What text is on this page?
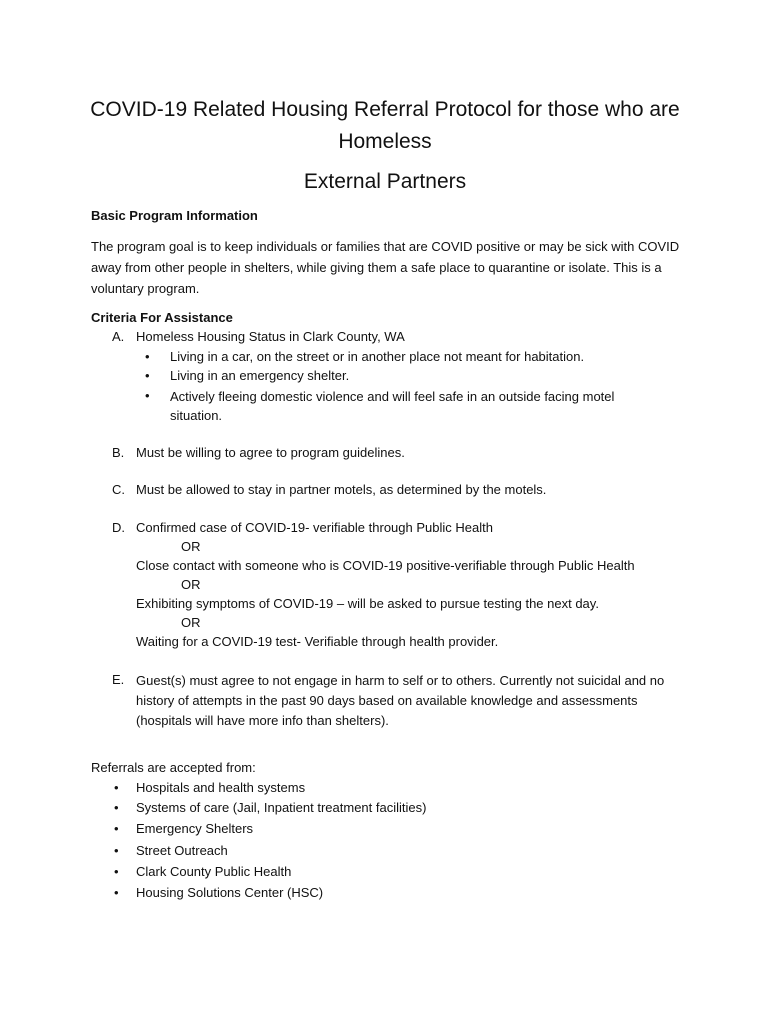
COVID-19 Related Housing Referral Protocol for those who are Homeless
External Partners
Basic Program Information

The program goal is to keep individuals or families that are COVID positive or may be sick with COVID away from other people in shelters, while giving them a safe place to quarantine or isolate. This is a voluntary program.

Criteria For Assistance
A. Homeless Housing Status in Clark County, WA
• Living in a car, on the street or in another place not meant for habitation.
• Living in an emergency shelter.
• Actively fleeing domestic violence and will feel safe in an outside facing motel situation.
B. Must be willing to agree to program guidelines.
C. Must be allowed to stay in partner motels, as determined by the motels.
D. Confirmed case of COVID-19- verifiable through Public Health
OR
Close contact with someone who is COVID-19 positive-verifiable through Public Health
OR
Exhibiting symptoms of COVID-19 – will be asked to pursue testing the next day.
OR
Waiting for a COVID-19 test- Verifiable through health provider.
E. Guest(s) must agree to not engage in harm to self or to others. Currently not suicidal and no history of attempts in the past 90 days based on available knowledge and assessments (hospitals will have more info than shelters).
Referrals are accepted from:
• Hospitals and health systems
• Systems of care (Jail, Inpatient treatment facilities)
• Emergency Shelters
• Street Outreach
• Clark County Public Health
• Housing Solutions Center (HSC)
